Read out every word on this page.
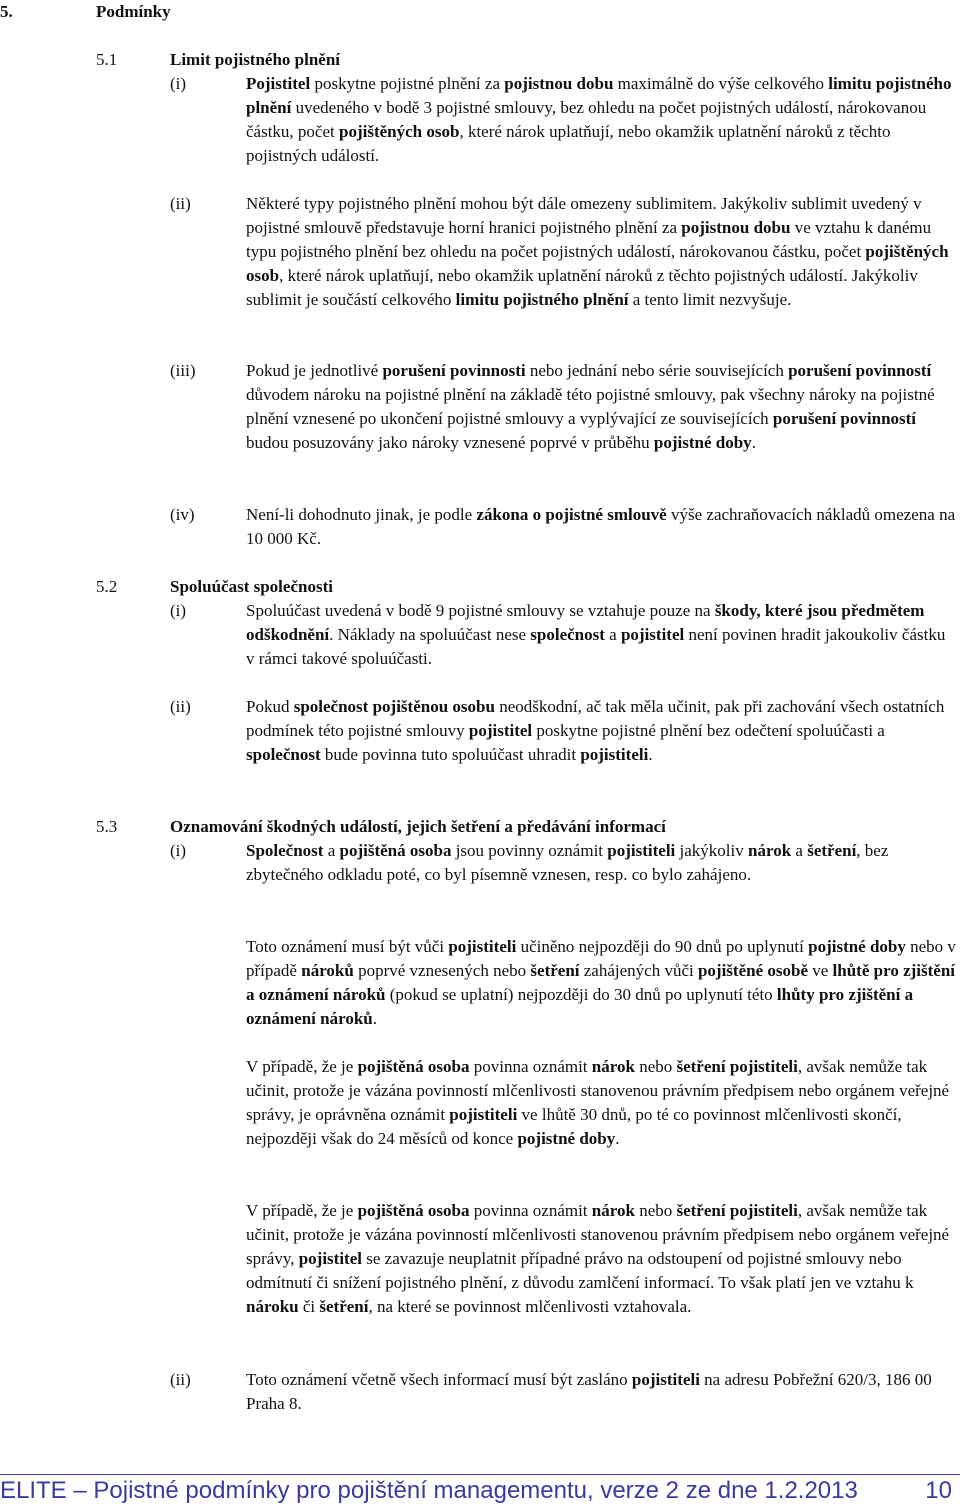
5.	Podmínky
5.1	Limit pojistného plnění
(i)	Pojistitel poskytne pojistné plnění za pojistnou dobu maximálně do výše celkového limitu pojistného plnění uvedeného v bodě 3 pojistné smlouvy, bez ohledu na počet pojistných událostí, nárokovanou částku, počet pojištěných osob, které nárok uplatňují, nebo okamžik uplatnění nároků z těchto pojistných událostí.

(ii)	Některé typy pojistného plnění mohou být dále omezeny sublimitem. Jakýkoliv sublimit uvedený v pojistné smlouvě představuje horní hranici pojistného plnění za pojistnou dobu ve vztahu k danému typu pojistného plnění bez ohledu na počet pojistných událostí, nárokovanou částku, počet pojištěných osob, které nárok uplatňují, nebo okamžik uplatnění nároků z těchto pojistných událostí. Jakýkoliv sublimit je součástí celkového limitu pojistného plnění a tento limit nezvyšuje.

(iii)	Pokud je jednotlivé porušení povinnosti nebo jednání nebo série souvisejících porušení povinností důvodem nároku na pojistné plnění na základě této pojistné smlouvy, pak všechny nároky na pojistné plnění vznesené po ukončení pojistné smlouvy a vyplývající ze souvisejících porušení povinností budou posuzovány jako nároky vznesené poprvé v průběhu pojistné doby.

(iv)	Není-li dohodnuto jinak, je podle zákona o pojistné smlouvě výše zachraňovacích nákladů omezena na 10 000 Kč.

5.2	Spoluúčast společnosti
(i)	Spoluúčast uvedená v bodě 9 pojistné smlouvy se vztahuje pouze na škody, které jsou předmětem odškodnění. Náklady na spoluúčast nese společnost a pojistitel není povinen hradit jakoukoliv částku v rámci takové spoluúčasti.

(ii)	Pokud společnost pojištěnou osobu neodškodní, ač tak měla učinit, pak při zachování všech ostatních podmínek této pojistné smlouvy pojistitel poskytne pojistné plnění bez odečtení spoluúčasti a společnost bude povinna tuto spoluúčast uhradit pojistiteli.

5.3	Oznamování škodných událostí, jejich šetření a předávání informací
(i)	Společnost a pojištěná osoba jsou povinny oznámit pojistiteli jakýkoliv nárok a šetření, bez zbytečného odkladu poté, co byl písemně vznesen, resp. co bylo zahájeno.

Toto oznámení musí být vůči pojistiteli učiněno nejpozději do 90 dnů po uplynutí pojistné doby nebo v případě nároků poprvé vznesených nebo šetření zahájených vůči pojištěné osobě ve lhůtě pro zjištění a oznámení nároků (pokud se uplatní) nejpozději do 30 dnů po uplynutí této lhůty pro zjištění a oznámení nároků.

V případě, že je pojištěná osoba povinna oznámit nárok nebo šetření pojistiteli, avšak nemůže tak učinit, protože je vázána povinností mlčenlivosti stanovenou právním předpisem nebo orgánem veřejné správy, je oprávněna oznámit pojistiteli ve lhůtě 30 dnů, po té co povinnost mlčenlivosti skončí, nejpozději však do 24 měsíců od konce pojistné doby.

V případě, že je pojištěná osoba povinna oznámit nárok nebo šetření pojistiteli, avšak nemůže tak učinit, protože je vázána povinností mlčenlivosti stanovenou právním předpisem nebo orgánem veřejné správy, pojistitel se zavazuje neuplatnit případné právo na odstoupení od pojistné smlouvy nebo odmítnutí či snížení pojistného plnění, z důvodu zamlčení informací. To však platí jen ve vztahu k nároku či šetření, na které se povinnost mlčenlivosti vztahovala.

(ii)	Toto oznámení včetně všech informací musí být zasláno pojistiteli na adresu Pobřežní 620/3, 186 00 Praha 8.

ELITE – Pojistné podmínky pro pojištění managementu, verze 2 ze dne 1.2.2013	10
